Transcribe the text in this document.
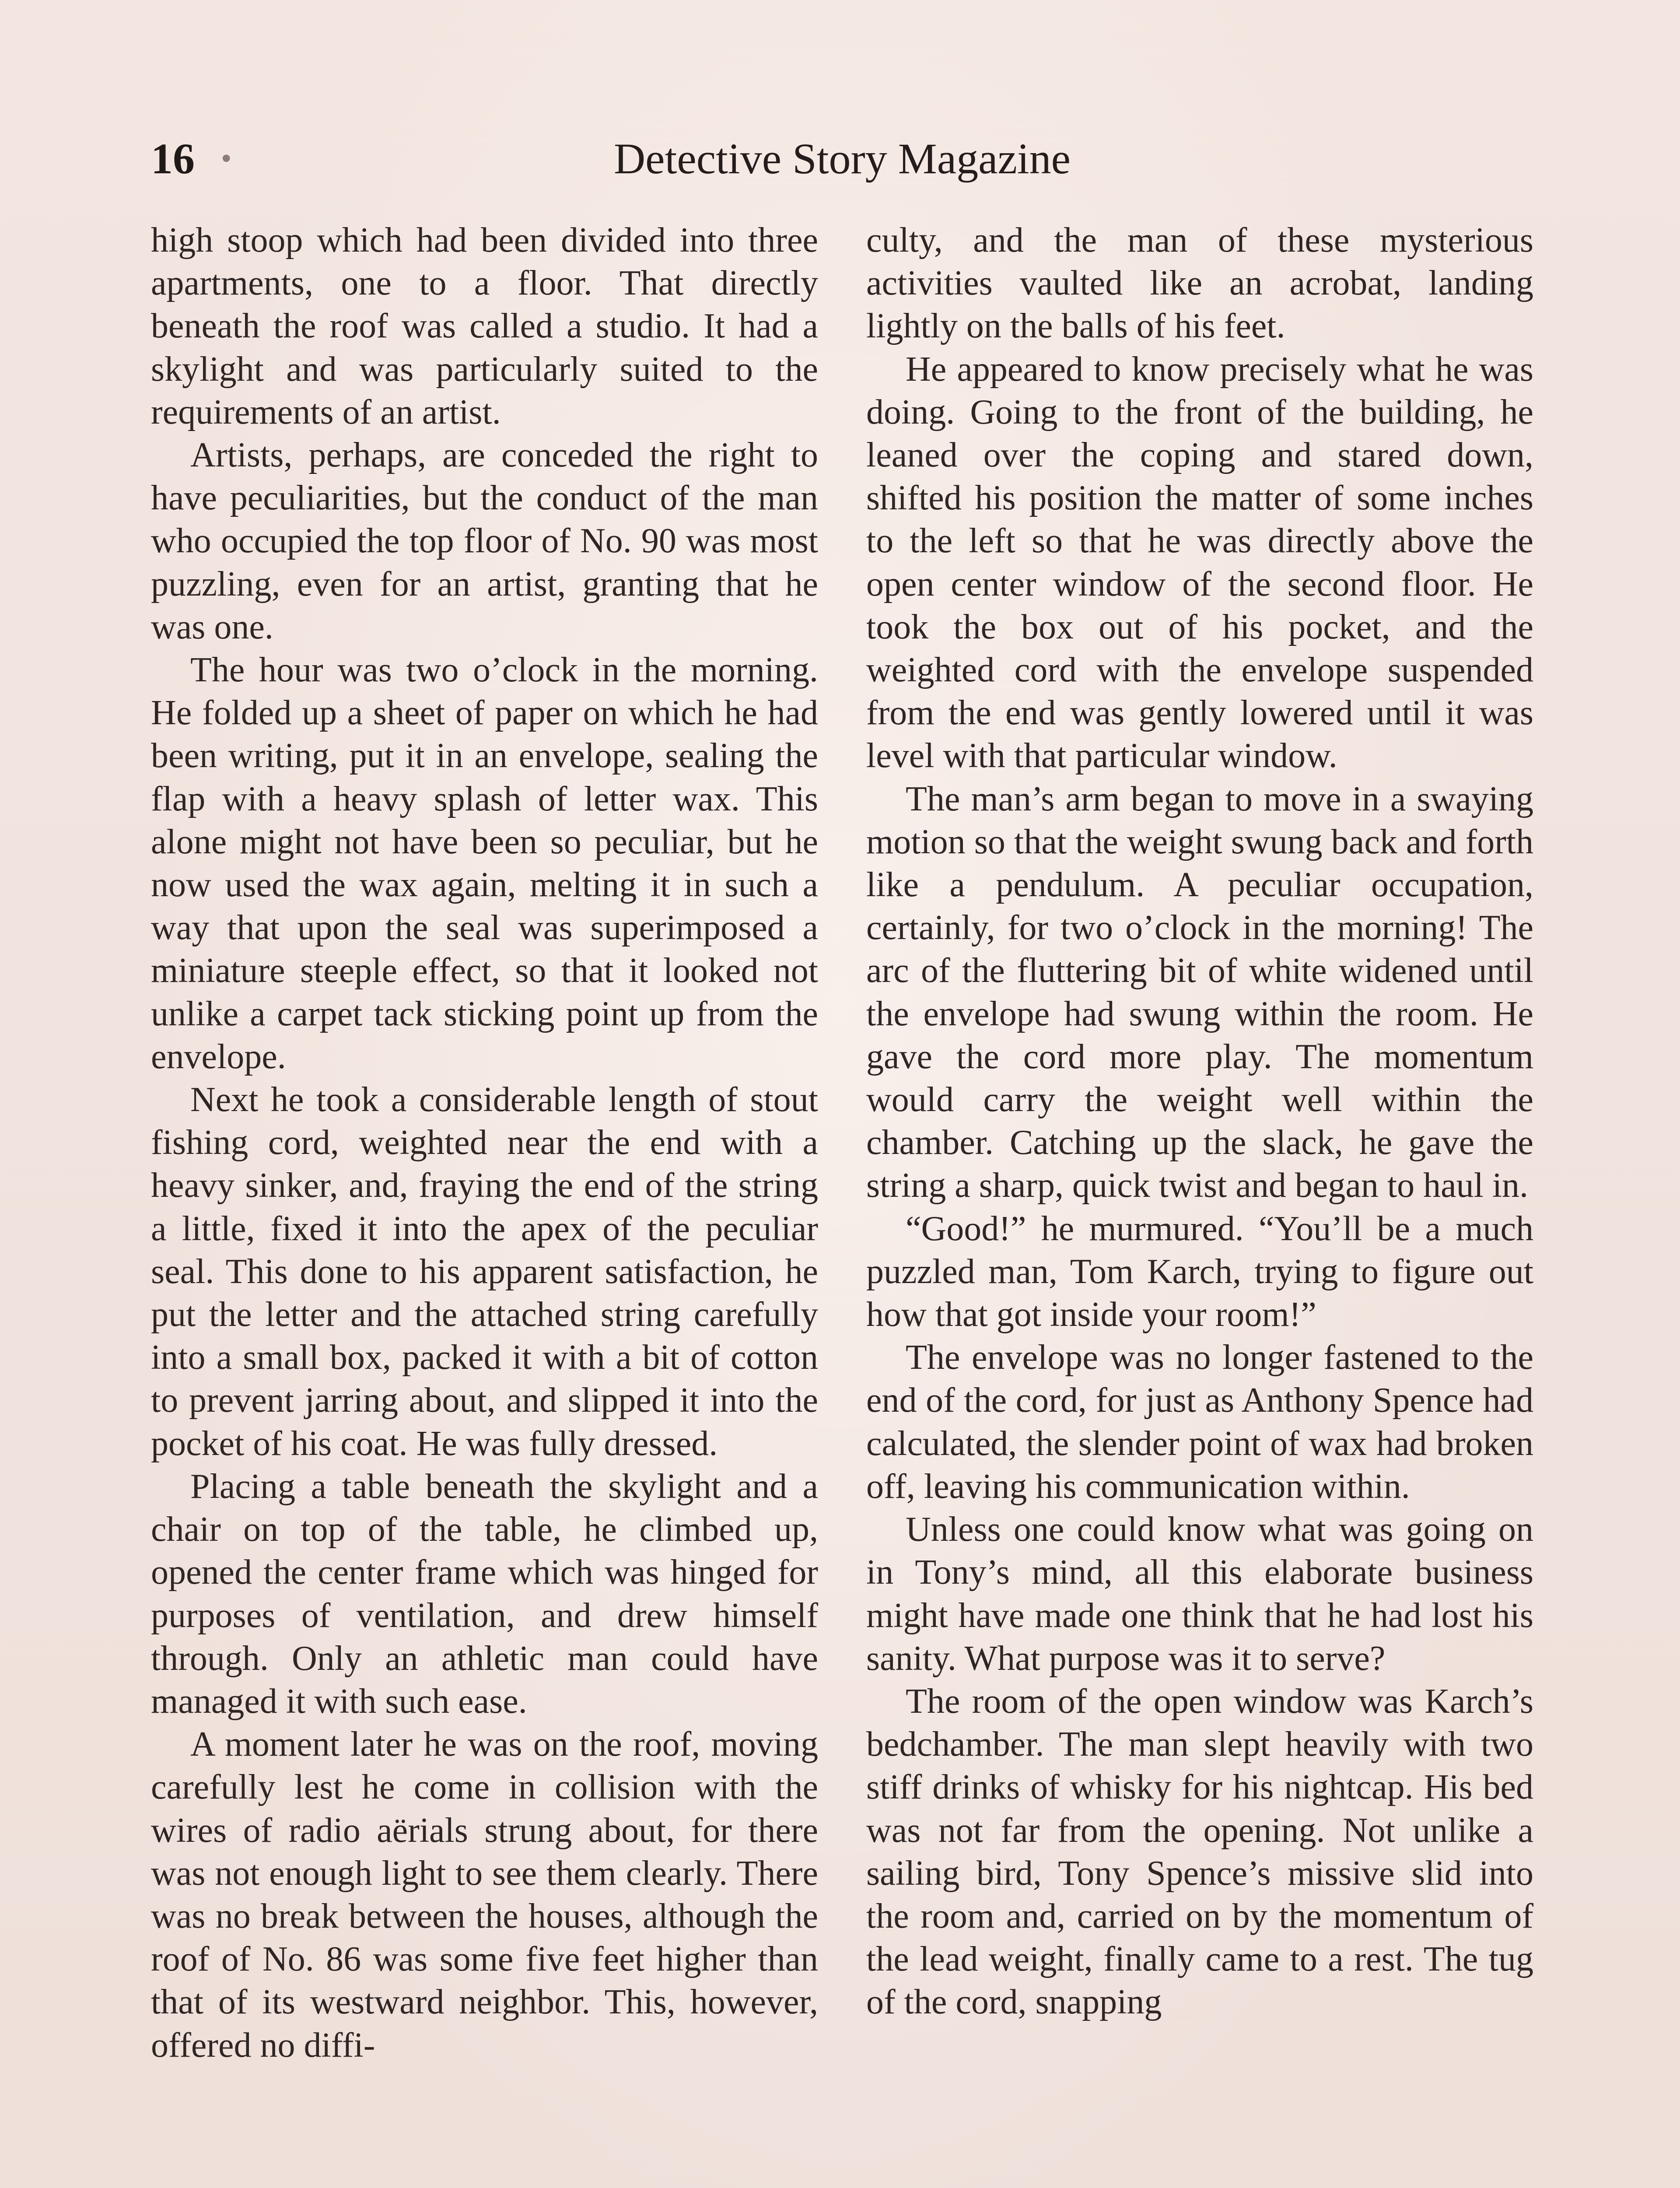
16 •	Detective Story Magazine

high stoop which had been divided into three apartments, one to a floor. That directly beneath the roof was called a studio. It had a skylight and was particularly suited to the requirements of an artist.

Artists, perhaps, are conceded the right to have peculiarities, but the conduct of the man who occupied the top floor of No. 90 was most puzzling, even for an artist, granting that he was one.

The hour was two o’clock in the morning. He folded up a sheet of paper on which he had been writing, put it in an envelope, sealing the flap with a heavy splash of letter wax. This alone might not have been so peculiar, but he now used the wax again, melting it in such a way that upon the seal was superimposed a miniature steeple effect, so that it looked not unlike a carpet tack sticking point up from the envelope.

Next he took a considerable length of stout fishing cord, weighted near the end with a heavy sinker, and, fraying the end of the string a little, fixed it into the apex of the peculiar seal. This done to his apparent satisfaction, he put the letter and the attached string carefully into a small box, packed it with a bit of cotton to prevent jarring about, and slipped it into the pocket of his coat. He was fully dressed.

Placing a table beneath the skylight and a chair on top of the table, he climbed up, opened the center frame which was hinged for purposes of ventilation, and drew himself through. Only an athletic man could have managed it with such ease.

A moment later he was on the roof, moving carefully lest he come in collision with the wires of radio aërials strung about, for there was not enough light to see them clearly. There was no break between the houses, although the roof of No. 86 was some five feet higher than that of its westward neighbor. This, however, offered no diffi-

culty, and the man of these mysterious activities vaulted like an acrobat, landing lightly on the balls of his feet.

He appeared to know precisely what he was doing. Going to the front of the building, he leaned over the coping and stared down, shifted his position the matter of some inches to the left so that he was directly above the open center window of the second floor. He took the box out of his pocket, and the weighted cord with the envelope suspended from the end was gently lowered until it was level with that particular window.

The man’s arm began to move in a swaying motion so that the weight swung back and forth like a pendulum. A peculiar occupation, certainly, for two o’clock in the morning! The arc of the fluttering bit of white widened until the envelope had swung within the room. He gave the cord more play. The momentum would carry the weight well within the chamber. Catching up the slack, he gave the string a sharp, quick twist and began to haul in.

“Good!” he murmured. “You’ll be a much puzzled man, Tom Karch, trying to figure out how that got inside your room!”

The envelope was no longer fastened to the end of the cord, for just as Anthony Spence had calculated, the slender point of wax had broken off, leaving his communication within.

Unless one could know what was going on in Tony’s mind, all this elaborate business might have made one think that he had lost his sanity. What purpose was it to serve?

The room of the open window was Karch’s bedchamber. The man slept heavily with two stiff drinks of whisky for his nightcap. His bed was not far from the opening. Not unlike a sailing bird, Tony Spence’s missive slid into the room and, carried on by the momentum of the lead weight, finally came to a rest. The tug of the cord, snapping
